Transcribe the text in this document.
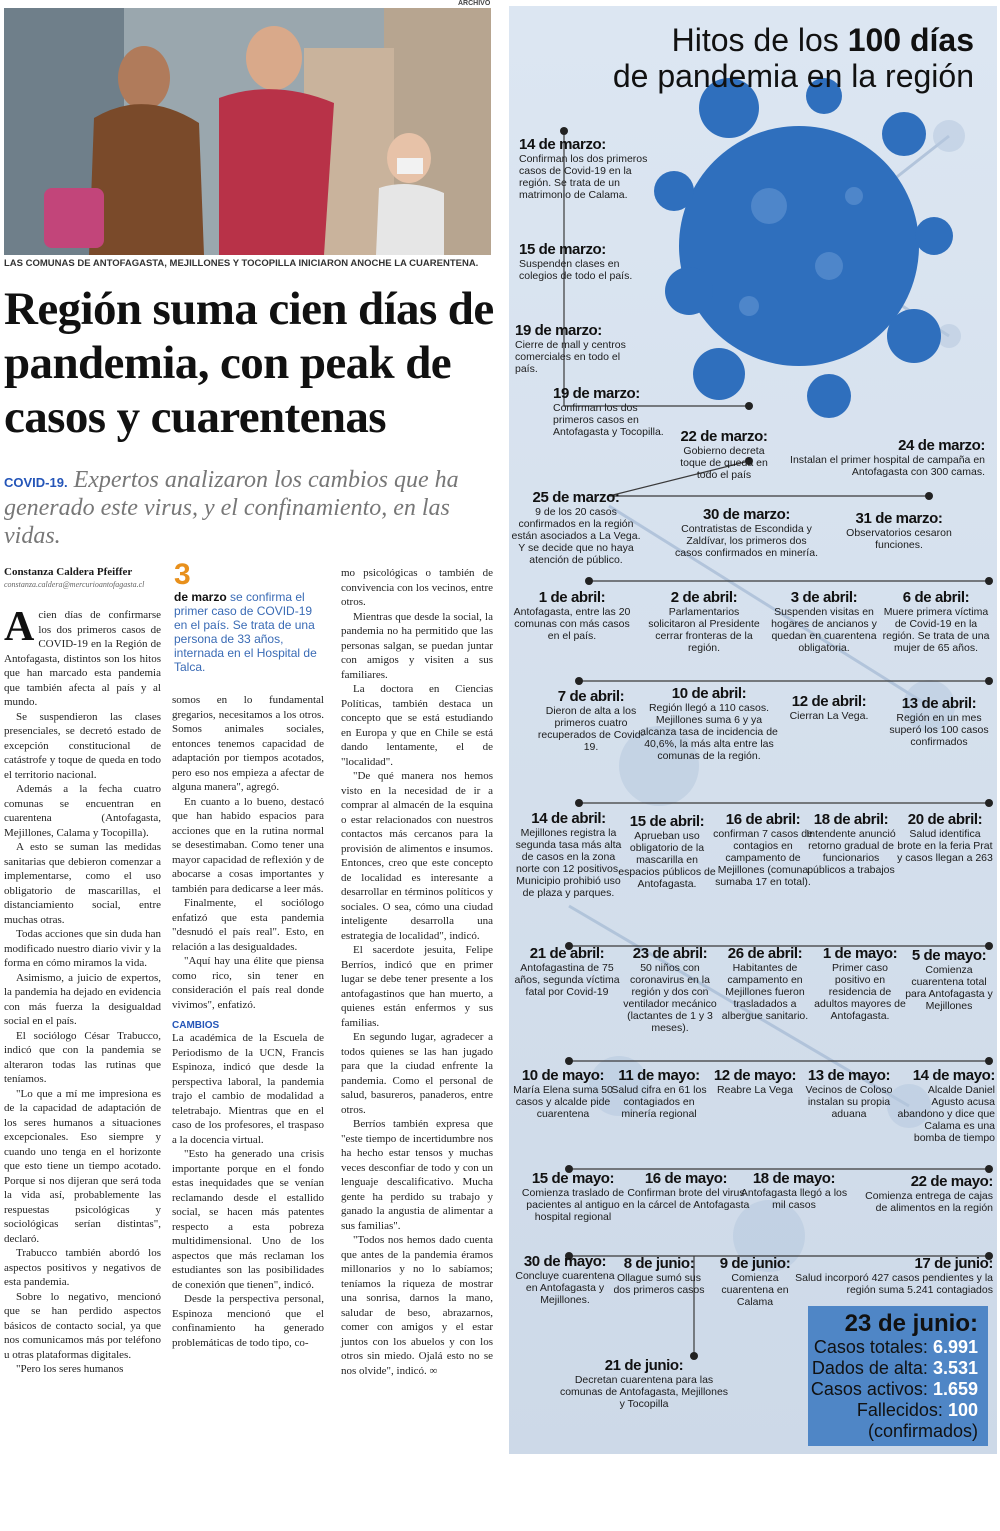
ARCHIVO
LAS COMUNAS DE ANTOFAGASTA, MEJILLONES Y TOCOPILLA INICIARON ANOCHE LA CUARENTENA.
Región suma cien días de pandemia, con peak de casos y cuarentenas
COVID-19. Expertos analizaron los cambios que ha generado este virus, y el confinamiento, en las vidas.
Constanza Caldera Pfeiffer
constanza.caldera@mercurioantofagasta.cl 3
de marzo se confirma el primer caso de COVID-19 en el país. Se trata de una persona de 33 años, internada en el Hospital de Talca.
A cien días de confirmarse los dos primeros casos de COVID-19 en la Región de Antofagasta, distintos son los hitos que han marcado esta pandemia que también afecta al país y al mundo.

Se suspendieron las clases presenciales, se decretó estado de excepción constitucional de catástrofe y toque de queda en todo el territorio nacional.

Además a la fecha cuatro comunas se encuentran en cuarentena (Antofagasta, Mejillones, Calama y Tocopilla).

A esto se suman las medidas sanitarias que debieron comenzar a implementarse, como el uso obligatorio de mascarillas, el distanciamiento social, entre muchas otras.

Todas acciones que sin duda han modificado nuestro diario vivir y la forma en cómo miramos la vida.

Asimismo, a juicio de expertos, la pandemia ha dejado en evidencia con más fuerza la desigualdad social en el país.

El sociólogo César Trabucco, indicó que con la pandemia se alteraron todas las rutinas que teníamos.

"Lo que a mí me impresiona es de la capacidad de adaptación de los seres humanos a situaciones excepcionales. Eso siempre y cuando uno tenga en el horizonte que esto tiene un tiempo acotado. Porque si nos dijeran que será toda la vida así, probablemente las respuestas psicológicas y sociológicas serían distintas", declaró.

Trabucco también abordó los aspectos positivos y negativos de esta pandemia.

Sobre lo negativo, mencionó que se han perdido aspectos básicos de contacto social, ya que nos comunicamos más por teléfono u otras plataformas digitales.

"Pero los seres humanos

somos en lo fundamental gregarios, necesitamos a los otros. Somos animales sociales, entonces tenemos capacidad de adaptación por tiempos acotados, pero eso nos empieza a afectar de alguna manera", agregó.

En cuanto a lo bueno, destacó que han habido espacios para acciones que en la rutina normal se desestimaban. Como tener una mayor capacidad de reflexión y de abocarse a cosas importantes y también para dedicarse a leer más.

Finalmente, el sociólogo enfatizó que esta pandemia "desnudó el país real". Esto, en relación a las desigualdades.

"Aquí hay una élite que piensa como rico, sin tener en consideración el país real donde vivimos", enfatizó.

CAMBIOS

La académica de la Escuela de Periodismo de la UCN, Francis Espinoza, indicó que desde la perspectiva laboral, la pandemia trajo el cambio de modalidad a teletrabajo. Mientras que en el caso de los profesores, el traspaso a la docencia virtual.

"Esto ha generado una crisis importante porque en el fondo estas inequidades que se venían reclamando desde el estallido social, se hacen más patentes respecto a esta pobreza multidimensional. Uno de los aspectos que más reclaman los estudiantes son las posibilidades de conexión que tienen", indicó.

Desde la perspectiva personal, Espinoza mencionó que el confinamiento ha generado problemáticas de todo tipo, co-

mo psicológicas o también de convivencia con los vecinos, entre otros.

Mientras que desde la social, la pandemia no ha permitido que las personas salgan, se puedan juntar con amigos y visiten a sus familiares.

La doctora en Ciencias Políticas, también destaca un concepto que se está estudiando en Europa y que en Chile se está dando lentamente, el de "localidad".

"De qué manera nos hemos visto en la necesidad de ir a comprar al almacén de la esquina o estar relacionados con nuestros contactos más cercanos para la provisión de alimentos e insumos. Entonces, creo que este concepto de localidad es interesante a desarrollar en términos políticos y sociales. O sea, cómo una ciudad inteligente desarrolla una estrategia de localidad", indicó.

El sacerdote jesuita, Felipe Berríos, indicó que en primer lugar se debe tener presente a los antofagastinos que han muerto, a quienes están enfermos y sus familias.

En segundo lugar, agradecer a todos quienes se las han jugado para que la ciudad enfrente la pandemia. Como el personal de salud, basureros, panaderos, entre otros.

Berríos también expresa que "este tiempo de incertidumbre nos ha hecho estar tensos y muchas veces desconfiar de todo y con un lenguaje descalificativo. Mucha gente ha perdido su trabajo y ganado la angustia de alimentar a sus familias".

"Todos nos hemos dado cuenta que antes de la pandemia éramos millonarios y no lo sabíamos; teníamos la riqueza de mostrar una sonrisa, darnos la mano, saludar de beso, abrazarnos, comer con amigos y el estar juntos con los abuelos y con los otros sin miedo. Ojalá esto no se nos olvide", indicó. ∞

Hitos de los 100 días
de pandemia en la región
14 de marzo:
Confirman los dos primeros casos de Covid-19 en la región. Se trata de un matrimonio de Calama.
15 de marzo:
Suspenden clases en colegios de todo el país.
19 de marzo:
Cierre de mall y centros comerciales en todo el país.
19 de marzo:
Confirman los dos primeros casos en Antofagasta y Tocopilla.	22 de marzo:
Gobierno decreta toque de queda en todo el país
24 de marzo:
Instalan el primer hospital de campaña en Antofagasta con 300 camas.
25 de marzo:
9 de los 20 casos confirmados en la región están asociados a La Vega. Y se decide que no haya atención de público.
30 de marzo:
Contratistas de Escondida y Zaldívar, los primeros dos casos confirmados en minería.
31 de marzo:
Observatorios cesaron funciones.
1 de abril:
Antofagasta, entre las 20 comunas con más casos en el país.
2 de abril:
Parlamentarios solicitaron al Presidente cerrar fronteras de la región.
3 de abril:
Suspenden visitas en hogares de ancianos y quedan en cuarentena obligatoria.
6 de abril:
Muere primera víctima de Covid-19 en la región. Se trata de una mujer de 65 años.
7 de abril:
Dieron de alta a los primeros cuatro recuperados de Covid-19.
10 de abril:
Región llegó a 110 casos. Mejillones suma 6 y ya alcanza tasa de incidencia de 40,6%, la más alta entre las comunas de la región.
12 de abril:
Cierran La Vega.
13 de abril:
Región en un mes superó los 100 casos confirmados
14 de abril:
Mejillones registra la segunda tasa más alta de casos en la zona norte con 12 positivos. Municipio prohibió uso de plaza y parques.
15 de abril:
Aprueban uso obligatorio de la mascarilla en espacios públicos de Antofagasta.
16 de abril:
confirman 7 casos de contagios en campamento de Mejillones (comuna sumaba 17 en total).
18 de abril:
Intendente anunció retorno gradual de funcionarios públicos a trabajos
20 de abril:
Salud identifica brote en la feria Prat y casos llegan a 263
21 de abril:
Antofagastina de 75 años, segunda víctima fatal por Covid-19
23 de abril:
50 niños con coronavirus en la región y dos con ventilador mecánico (lactantes de 1 y 3 meses).
26 de abril:
Habitantes de campamento en Mejillones fueron trasladados a albergue sanitario.
1 de mayo:
Primer caso positivo en residencia de adultos mayores de Antofagasta.
5 de mayo:
Comienza cuarentena total para Antofagasta y Mejillones
10 de mayo:
María Elena suma 50 casos y alcalde pide cuarentena
11 de mayo:
Salud cifra en 61 los contagiados en minería regional
12 de mayo:
Reabre La Vega
13 de mayo:
Vecinos de Coloso instalan su propia aduana
14 de mayo:
Alcalde Daniel Agusto acusa abandono y dice que Calama es una bomba de tiempo
15 de mayo:
Comienza traslado de pacientes al antiguo hospital regional
16 de mayo:
Confirman brote del virus en la cárcel de Antofagasta
18 de mayo:
Antofagasta llegó a los mil casos
22 de mayo:
Comienza entrega de cajas de alimentos en la región
30 de mayo:
Concluye cuarentena en Antofagasta y Mejillones.
8 de junio:
Ollague sumó sus dos primeros casos
9 de junio:
Comienza cuarentena en Calama
17 de junio:
Salud incorporó 427 casos pendientes y la región suma 5.241 contagiados
21 de junio:
Decretan cuarentena para las comunas de Antofagasta, Mejillones y Tocopilla
23 de junio:
Casos totales: 6.991
Dados de alta: 3.531
Casos activos: 1.659
Fallecidos: 100
(confirmados)
